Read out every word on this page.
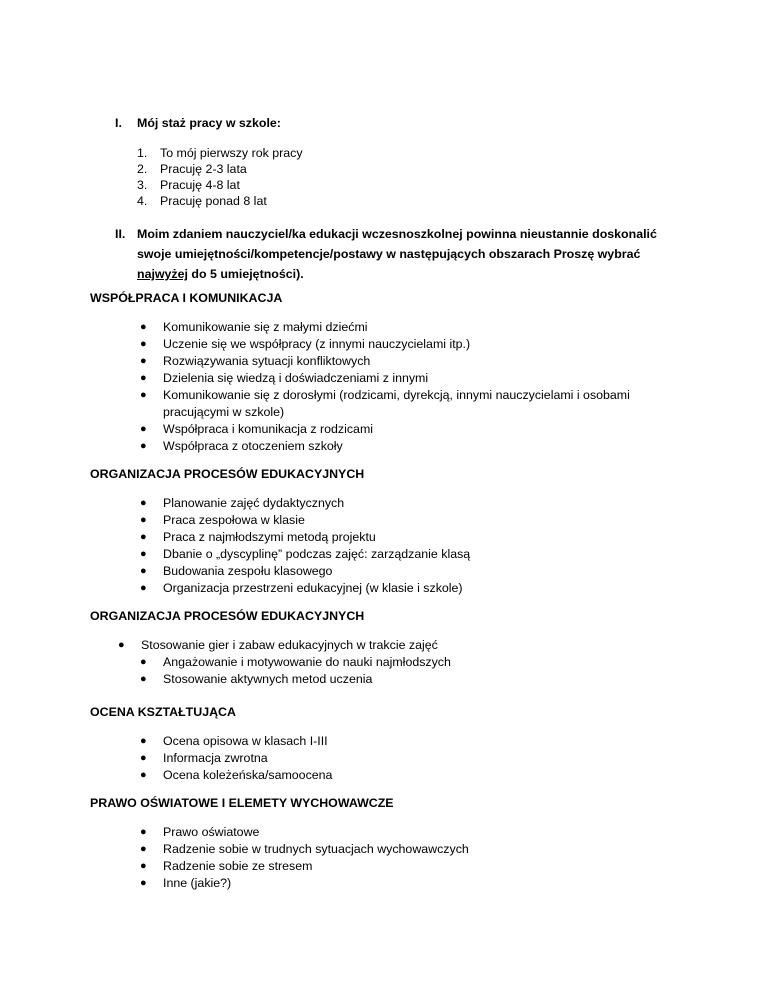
I.	Mój staż pracy w szkole:
1.	To mój pierwszy rok pracy
2.	Pracuję 2-3 lata
3.	Pracuję 4-8 lat
4.	Pracuję ponad 8 lat
II. Moim zdaniem nauczyciel/ka edukacji wczesnoszkolnej powinna nieustannie doskonalić swoje umiejętności/kompetencje/postawy w następujących obszarach Proszę wybrać najwyżej do 5 umiejętności).
WSPÓŁPRACA I KOMUNIKACJA
● Komunikowanie się z małymi dziećmi
● Uczenie się we współpracy (z innymi nauczycielami itp.)
● Rozwiązywania sytuacji konfliktowych
● Dzielenia się wiedzą i doświadczeniami z innymi
● Komunikowanie się z dorosłymi (rodzicami, dyrekcją, innymi nauczycielami i osobami pracującymi w szkole)
● Współpraca i komunikacja z rodzicami
● Współpraca z otoczeniem szkoły
ORGANIZACJA PROCESÓW EDUKACYJNYCH
● Planowanie zajęć dydaktycznych
● Praca zespołowa w klasie
● Praca z najmłodszymi metodą projektu
● Dbanie o „dyscyplinę” podczas zajęć: zarządzanie klasą
● Budowania zespołu klasowego
● Organizacja przestrzeni edukacyjnej (w klasie i szkole)
ORGANIZACJA PROCESÓW EDUKACYJNYCH
● Stosowanie gier i zabaw edukacyjnych w trakcie zajęć
● Angażowanie i motywowanie do nauki najmłodszych
● Stosowanie aktywnych metod uczenia
OCENA KSZTAŁTUJĄCA
● Ocena opisowa w klasach I-III
● Informacja zwrotna
● Ocena koleżeńska/samoocena
PRAWO OŚWIATOWE I ELEMETY WYCHOWAWCZE
● Prawo oświatowe
● Radzenie sobie w trudnych sytuacjach wychowawczych
● Radzenie sobie ze stresem
● Inne (jakie?)
